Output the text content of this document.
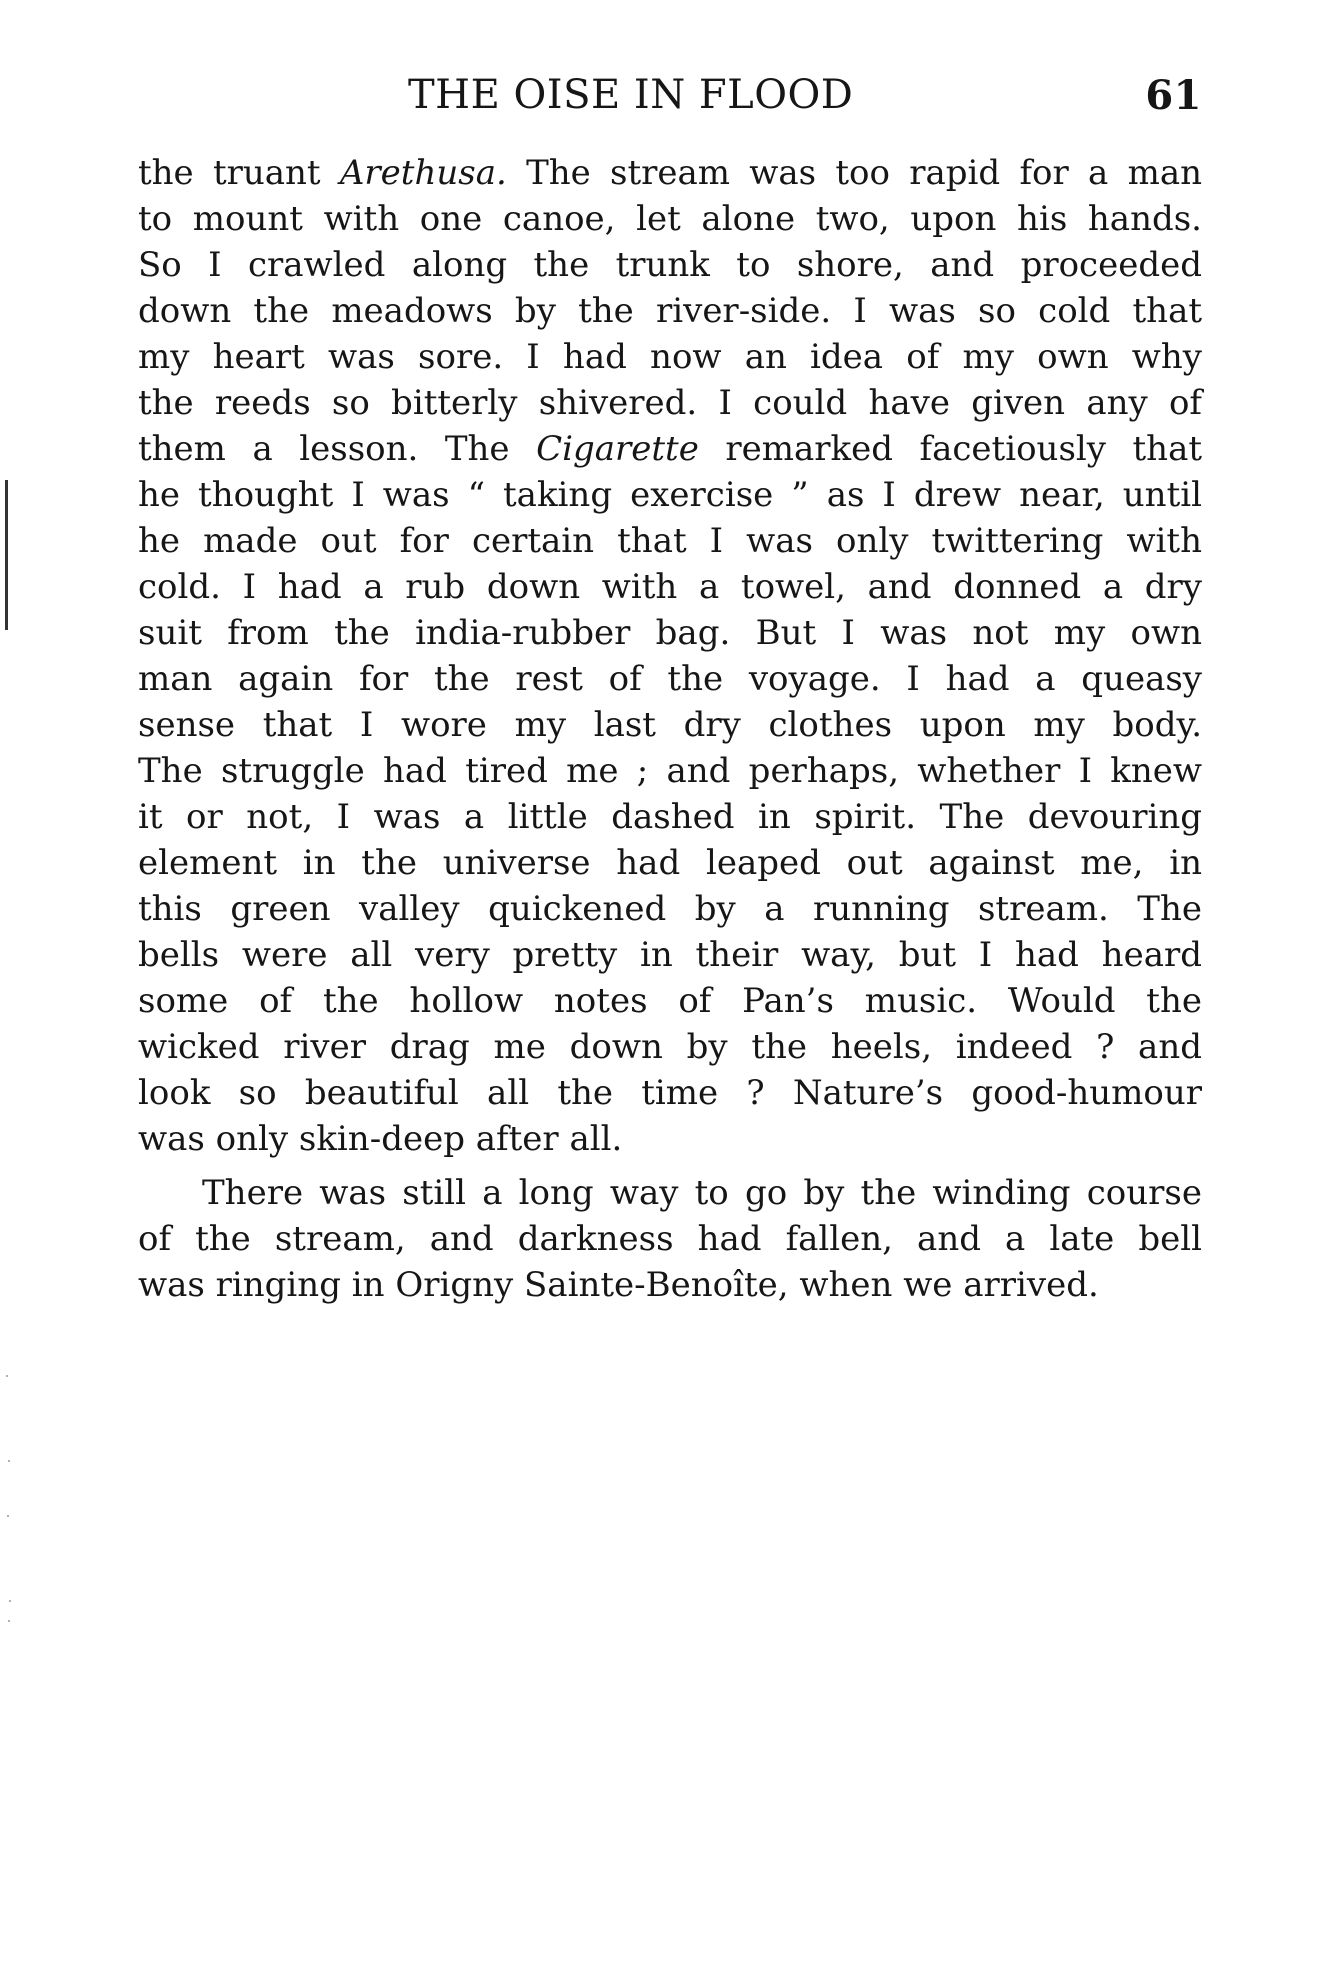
THE OISE IN FLOOD	61
the truant Arethusa. The stream was too rapid for a man
to mount with one canoe, let alone two, upon his hands.
So I crawled along the trunk to shore, and proceeded
down the meadows by the river-side. I was so cold that
my heart was sore. I had now an idea of my own why
the reeds so bitterly shivered. I could have given any of
them a lesson. The Cigarette remarked facetiously that
he thought I was “ taking exercise ” as I drew near, until
he made out for certain that I was only twittering with
cold. I had a rub down with a towel, and donned a dry
suit from the india-rubber bag. But I was not my own
man again for the rest of the voyage. I had a queasy
sense that I wore my last dry clothes upon my body.
The struggle had tired me ; and perhaps, whether I knew
it or not, I was a little dashed in spirit. The devouring
element in the universe had leaped out against me, in
this green valley quickened by a running stream. The
bells were all very pretty in their way, but I had heard
some of the hollow notes of Pan’s music. Would the
wicked river drag me down by the heels, indeed ? and
look so beautiful all the time ? Nature’s good-humour
was only skin-deep after all.
There was still a long way to go by the winding course
of the stream, and darkness had fallen, and a late bell
was ringing in Origny Sainte-Benoîte, when we arrived.
